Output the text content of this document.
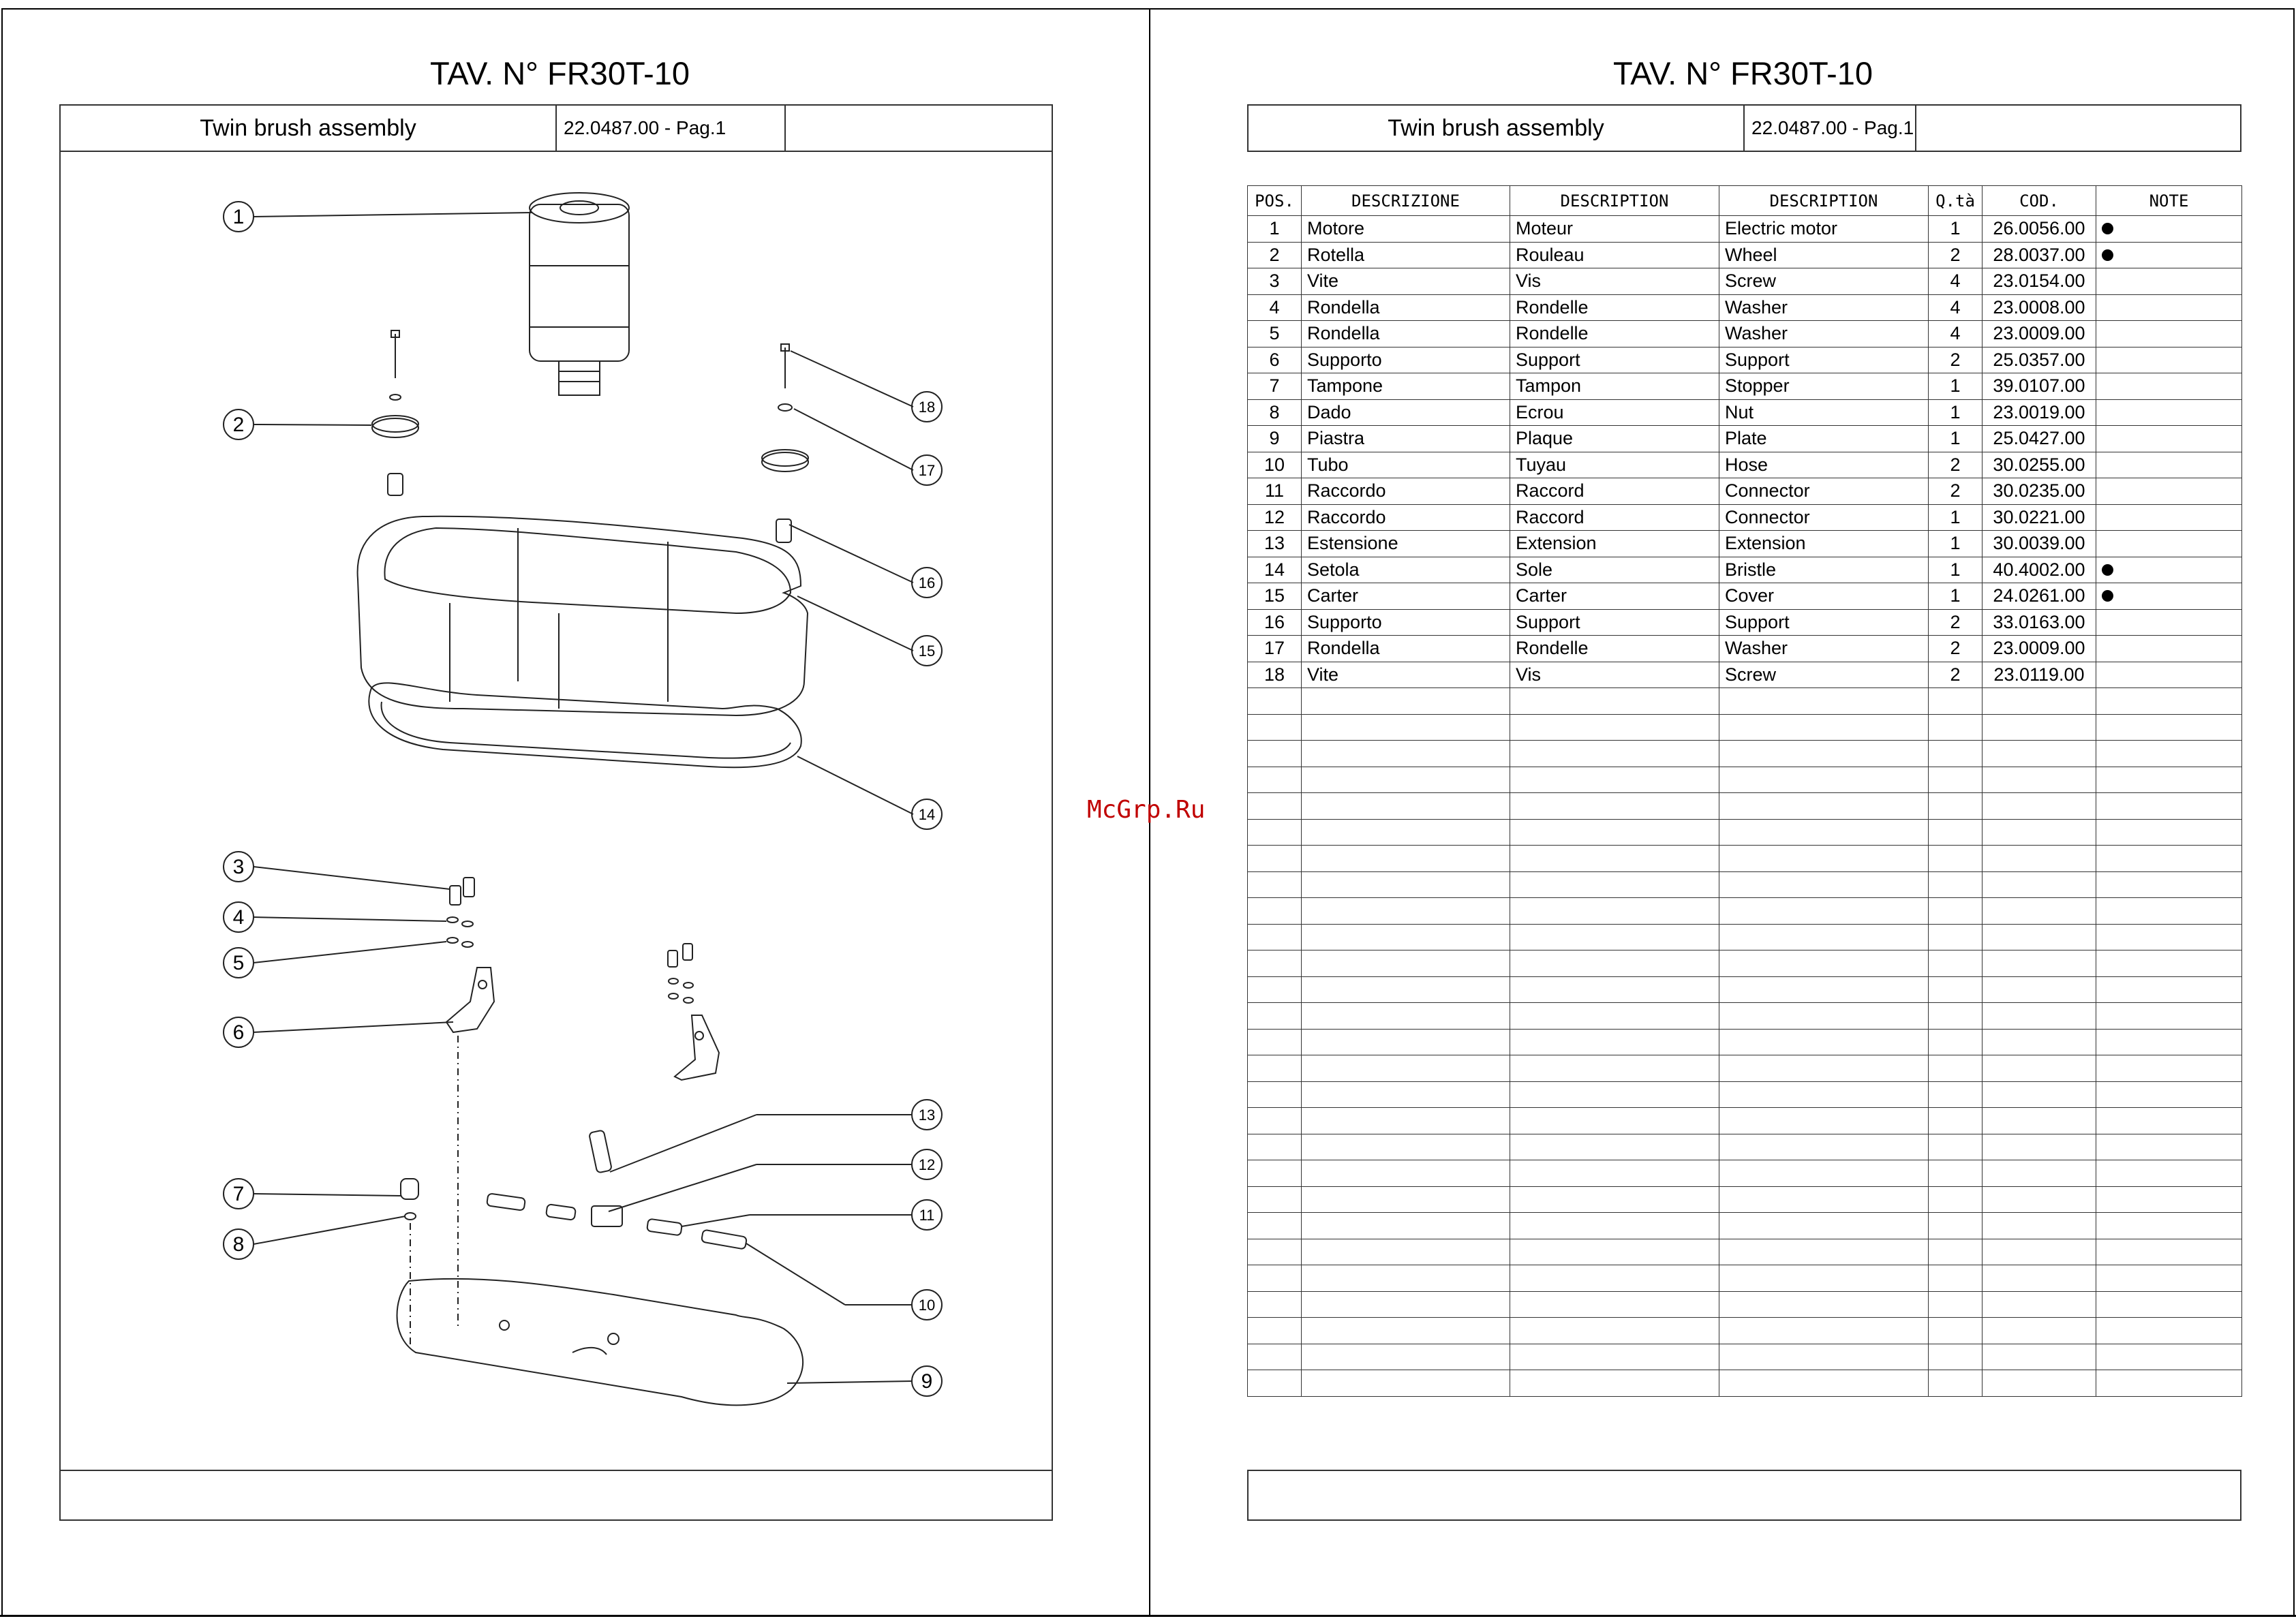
TAV. N° FR30T-10
Twin brush assembly	22.0487.00 - Pag.1
1
2
3
4
5
6
7
8
9
10
11
12
13
14
15
16
17
18
McGrp.Ru
TAV. N° FR30T-10
Twin brush assembly	22.0487.00 - Pag.1
POS.	DESCRIZIONE	DESCRIPTION	DESCRIPTION	Q.tà	COD.	NOTE
1	Motore	Moteur	Electric motor	1	26.0056.00	
2	Rotella	Rouleau	Wheel	2	28.0037.00	
3	Vite	Vis	Screw	4	23.0154.00	
4	Rondella	Rondelle	Washer	4	23.0008.00	
5	Rondella	Rondelle	Washer	4	23.0009.00	
6	Supporto	Support	Support	2	25.0357.00	
7	Tampone	Tampon	Stopper	1	39.0107.00	
8	Dado	Ecrou	Nut	1	23.0019.00	
9	Piastra	Plaque	Plate	1	25.0427.00	
10	Tubo	Tuyau	Hose	2	30.0255.00	
11	Raccordo	Raccord	Connector	2	30.0235.00	
12	Raccordo	Raccord	Connector	1	30.0221.00	
13	Estensione	Extension	Extension	1	30.0039.00	
14	Setola	Sole	Bristle	1	40.4002.00	
15	Carter	Carter	Cover	1	24.0261.00	
16	Supporto	Support	Support	2	33.0163.00	
17	Rondella	Rondelle	Washer	2	23.0009.00	
18	Vite	Vis	Screw	2	23.0119.00	
